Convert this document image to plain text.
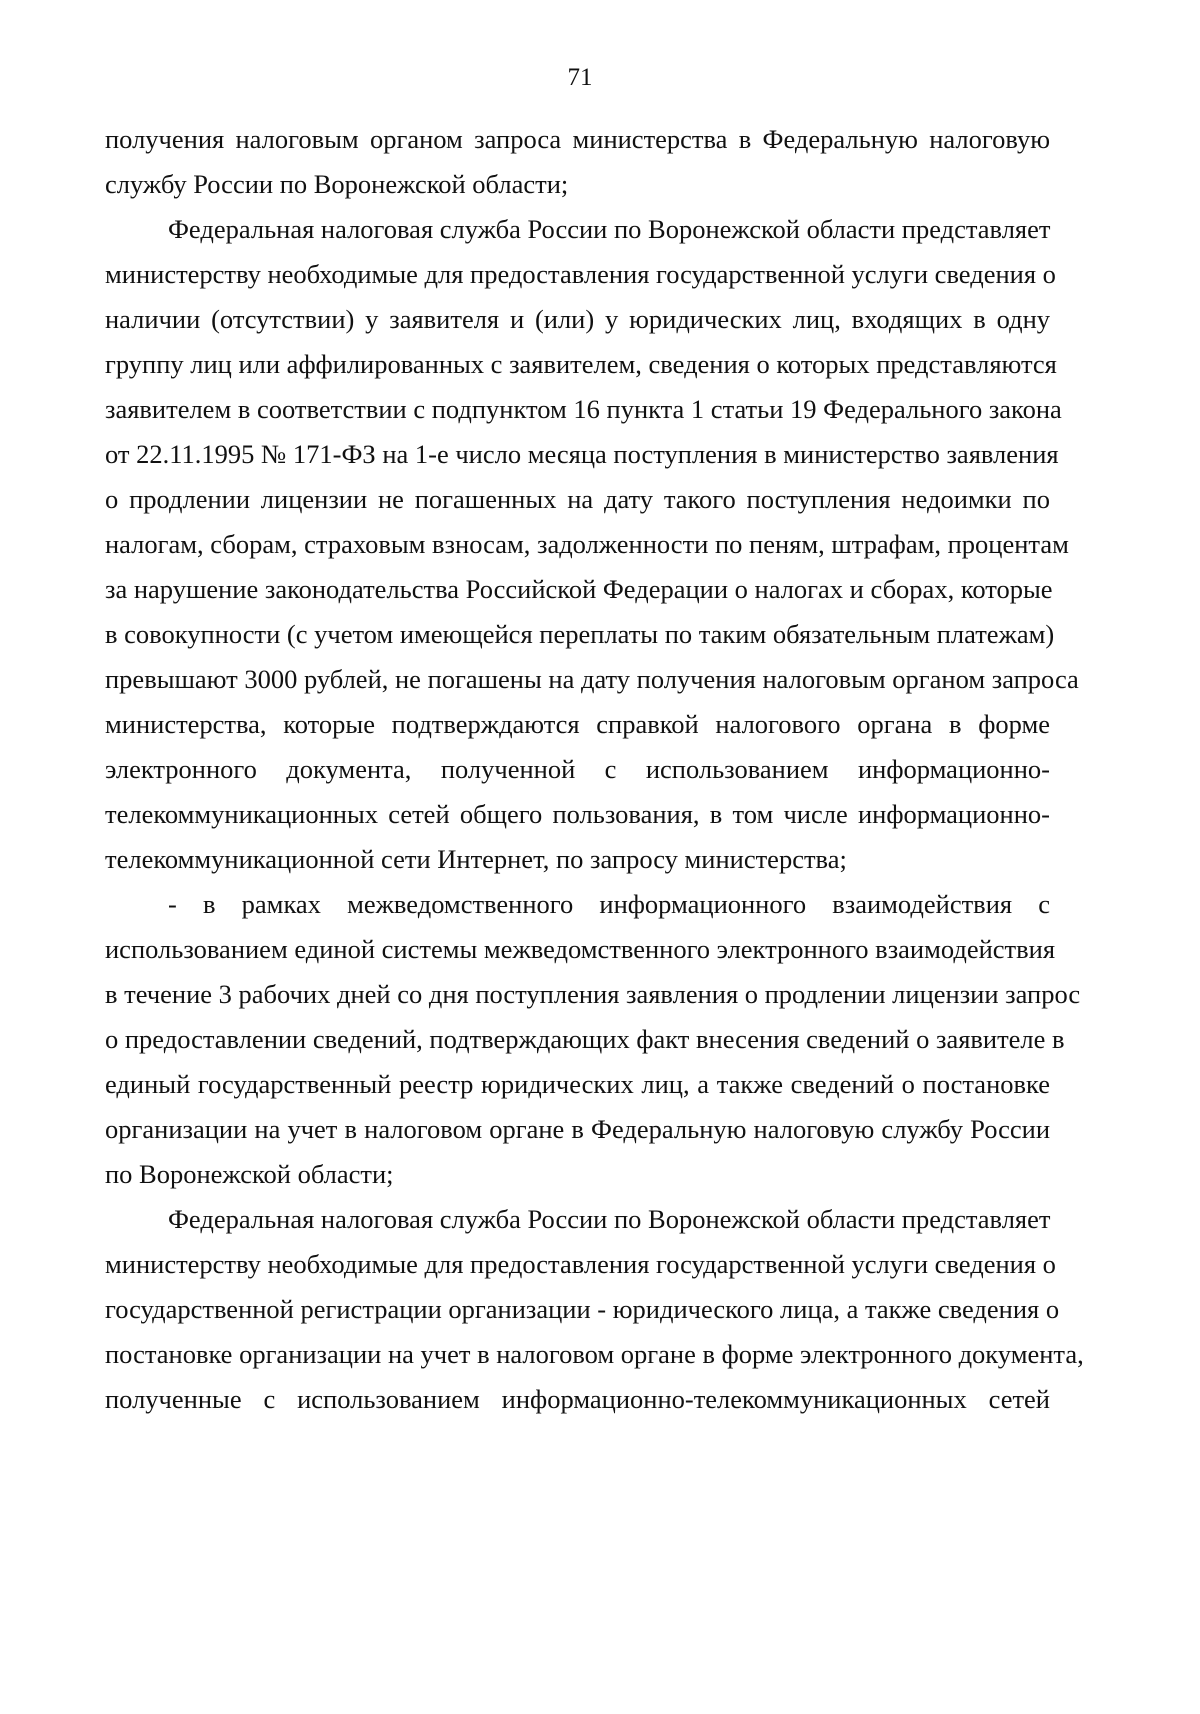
71
получения налоговым органом запроса министерства в Федеральную налоговую
службу России по Воронежской области;
Федеральная налоговая служба России по Воронежской области представляет
министерству необходимые для предоставления государственной услуги сведения о
наличии (отсутствии) у заявителя и (или) у юридических лиц, входящих в одну
группу лиц или аффилированных с заявителем, сведения о которых представляются
заявителем в соответствии с подпунктом 16 пункта 1 статьи 19 Федерального закона
от 22.11.1995 № 171-ФЗ на 1-е число месяца поступления в министерство заявления
о продлении лицензии не погашенных на дату такого поступления недоимки по
налогам, сборам, страховым взносам, задолженности по пеням, штрафам, процентам
за нарушение законодательства Российской Федерации о налогах и сборах, которые
в совокупности (с учетом имеющейся переплаты по таким обязательным платежам)
превышают 3000 рублей, не погашены на дату получения налоговым органом запроса
министерства, которые подтверждаются справкой налогового органа в форме
электронного документа, полученной с использованием информационно-
телекоммуникационных сетей общего пользования, в том числе информационно-
телекоммуникационной сети Интернет, по запросу министерства;
- в рамках межведомственного информационного взаимодействия с
использованием единой системы межведомственного электронного взаимодействия
в течение 3 рабочих дней со дня поступления заявления о продлении лицензии запрос
о предоставлении сведений, подтверждающих факт внесения сведений о заявителе в
единый государственный реестр юридических лиц, а также сведений о постановке
организации на учет в налоговом органе в Федеральную налоговую службу России
по Воронежской области;
Федеральная налоговая служба России по Воронежской области представляет
министерству необходимые для предоставления государственной услуги сведения о
государственной регистрации организации - юридического лица, а также сведения о
постановке организации на учет в налоговом органе в форме электронного документа,
полученные с использованием информационно-телекоммуникационных сетей
